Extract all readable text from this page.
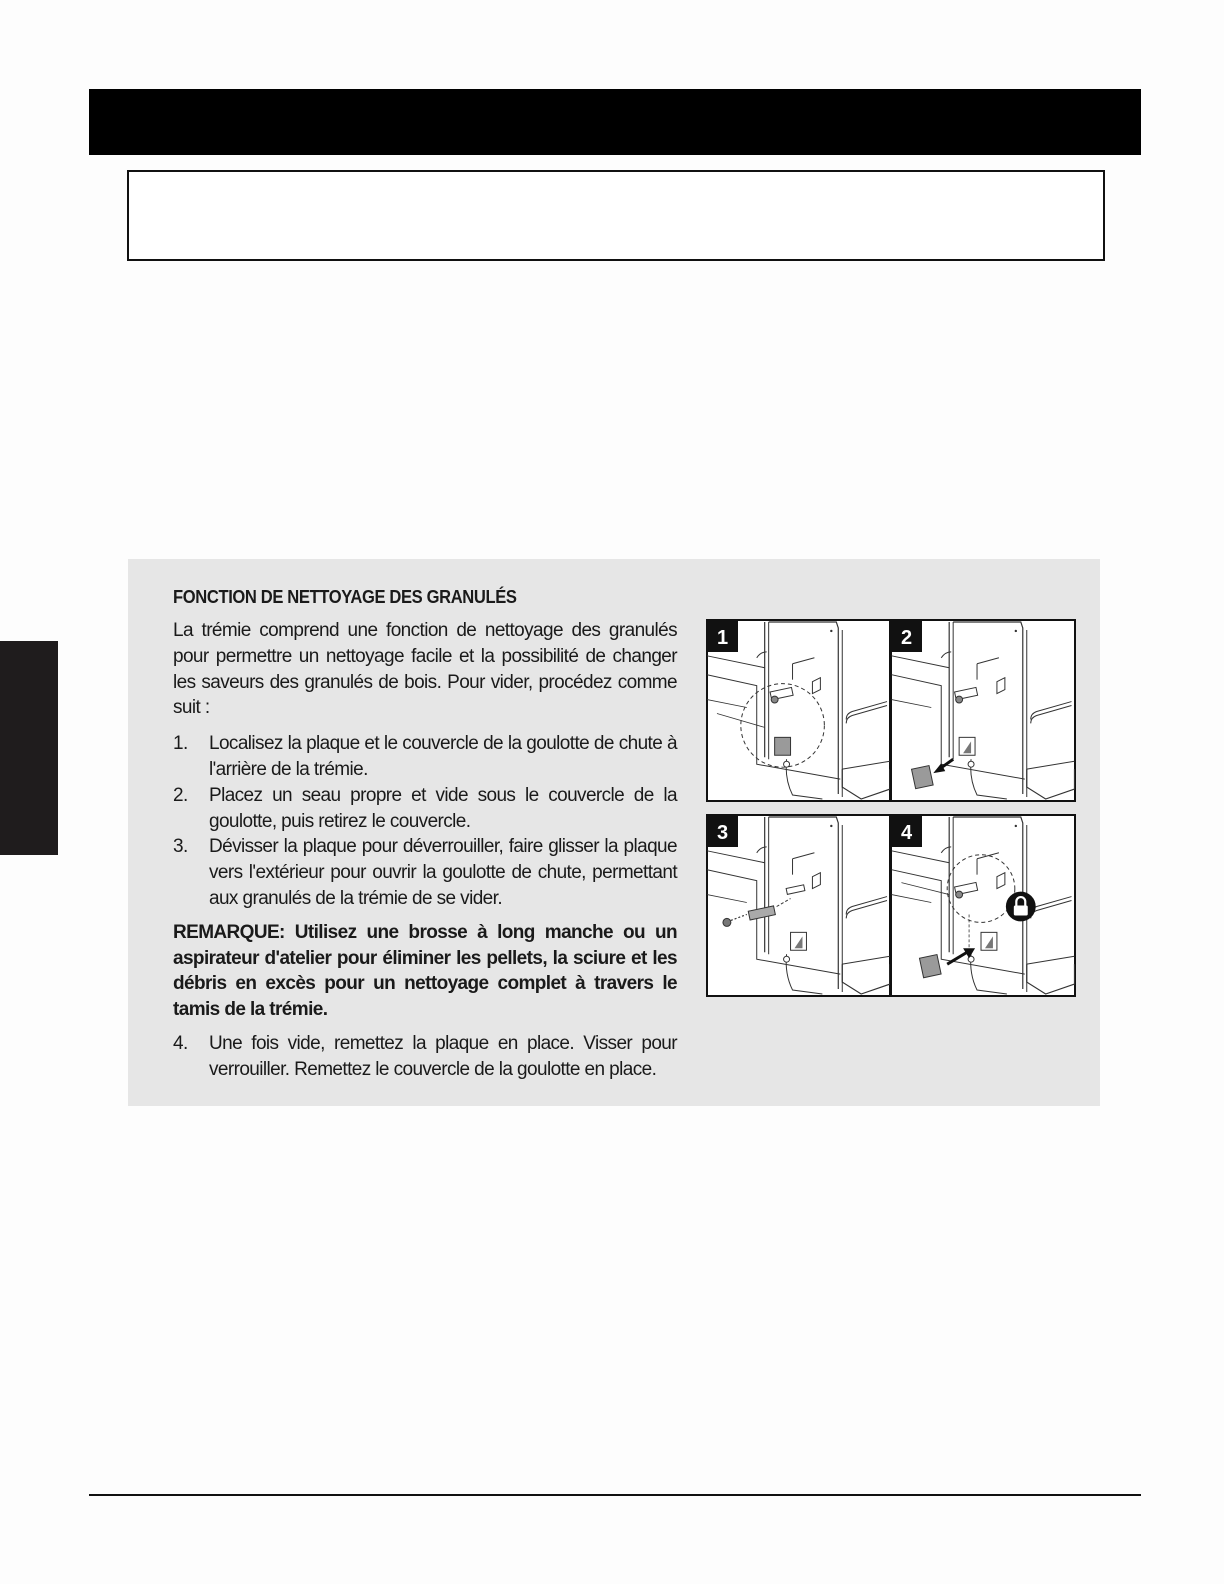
FONCTION DE NETTOYAGE DES GRANULÉS

La trémie comprend une fonction de nettoyage des granulés pour permettre un nettoyage facile et la possibilité de changer les saveurs des granulés de bois. Pour vider, procédez comme suit :

1. Localisez la plaque et le couvercle de la goulotte de chute à l'arrière de la trémie.
2. Placez un seau propre et vide sous le couvercle de la goulotte, puis retirez le couvercle.
3. Dévisser la plaque pour déverrouiller, faire glisser la plaque vers l'extérieur pour ouvrir la goulotte de chute, permettant aux granulés de la trémie de se vider.

REMARQUE: Utilisez une brosse à long manche ou un aspirateur d'atelier pour éliminer les pellets, la sciure et les débris en excès pour un nettoyage complet à travers le tamis de la trémie.

4. Une fois vide, remettez la plaque en place. Visser pour verrouiller. Remettez le couvercle de la goulotte en place.
1	2
3	4
